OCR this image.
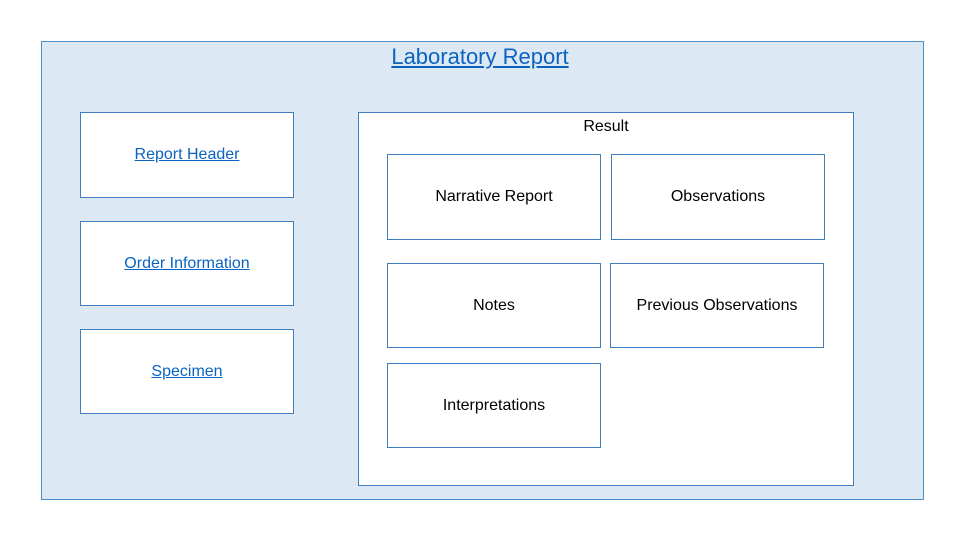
Laboratory Report
Report Header
Order Information
Specimen
Result
Narrative Report	Observations
Notes	Previous Observations
Interpretations
